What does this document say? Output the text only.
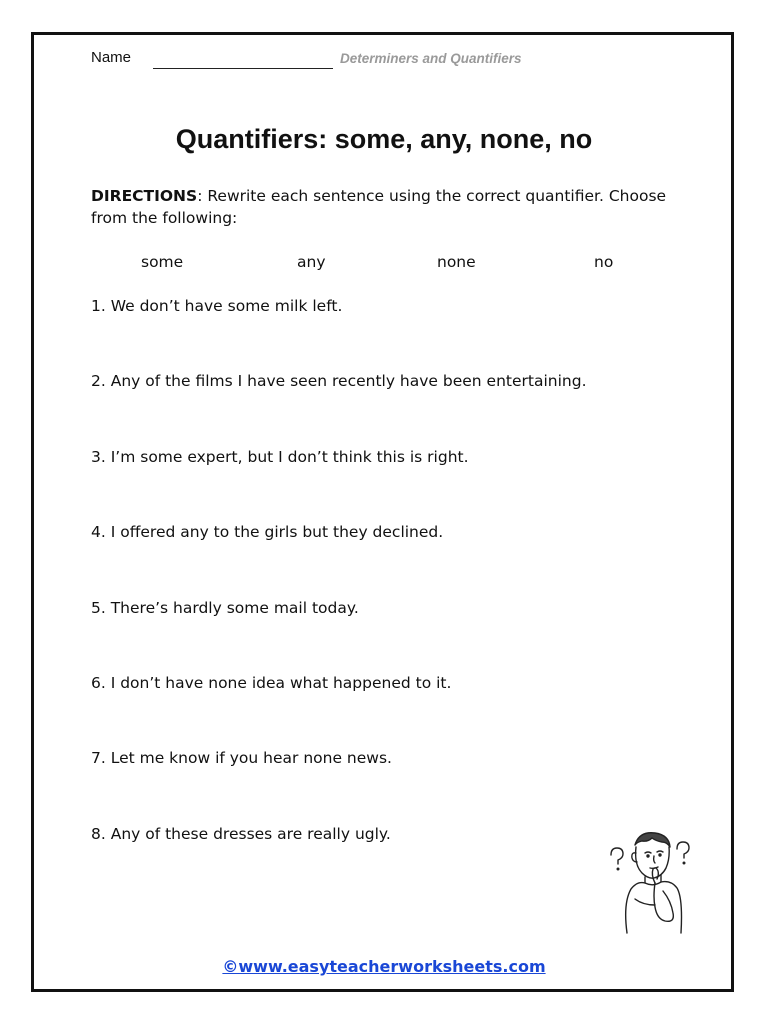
Name	Determiners and Quantifiers
Quantifiers: some, any, none, no
DIRECTIONS: Rewrite each sentence using the correct quantifier. Choose from the following:
some	any	none	no
1. We don’t have some milk left.
2. Any of the films I have seen recently have been entertaining.
3. I’m some expert, but I don’t think this is right.
4. I offered any to the girls but they declined.
5. There’s hardly some mail today.
6. I don’t have none idea what happened to it.
7. Let me know if you hear none news.
8. Any of these dresses are really ugly.
©www.easyteacherworksheets.com
